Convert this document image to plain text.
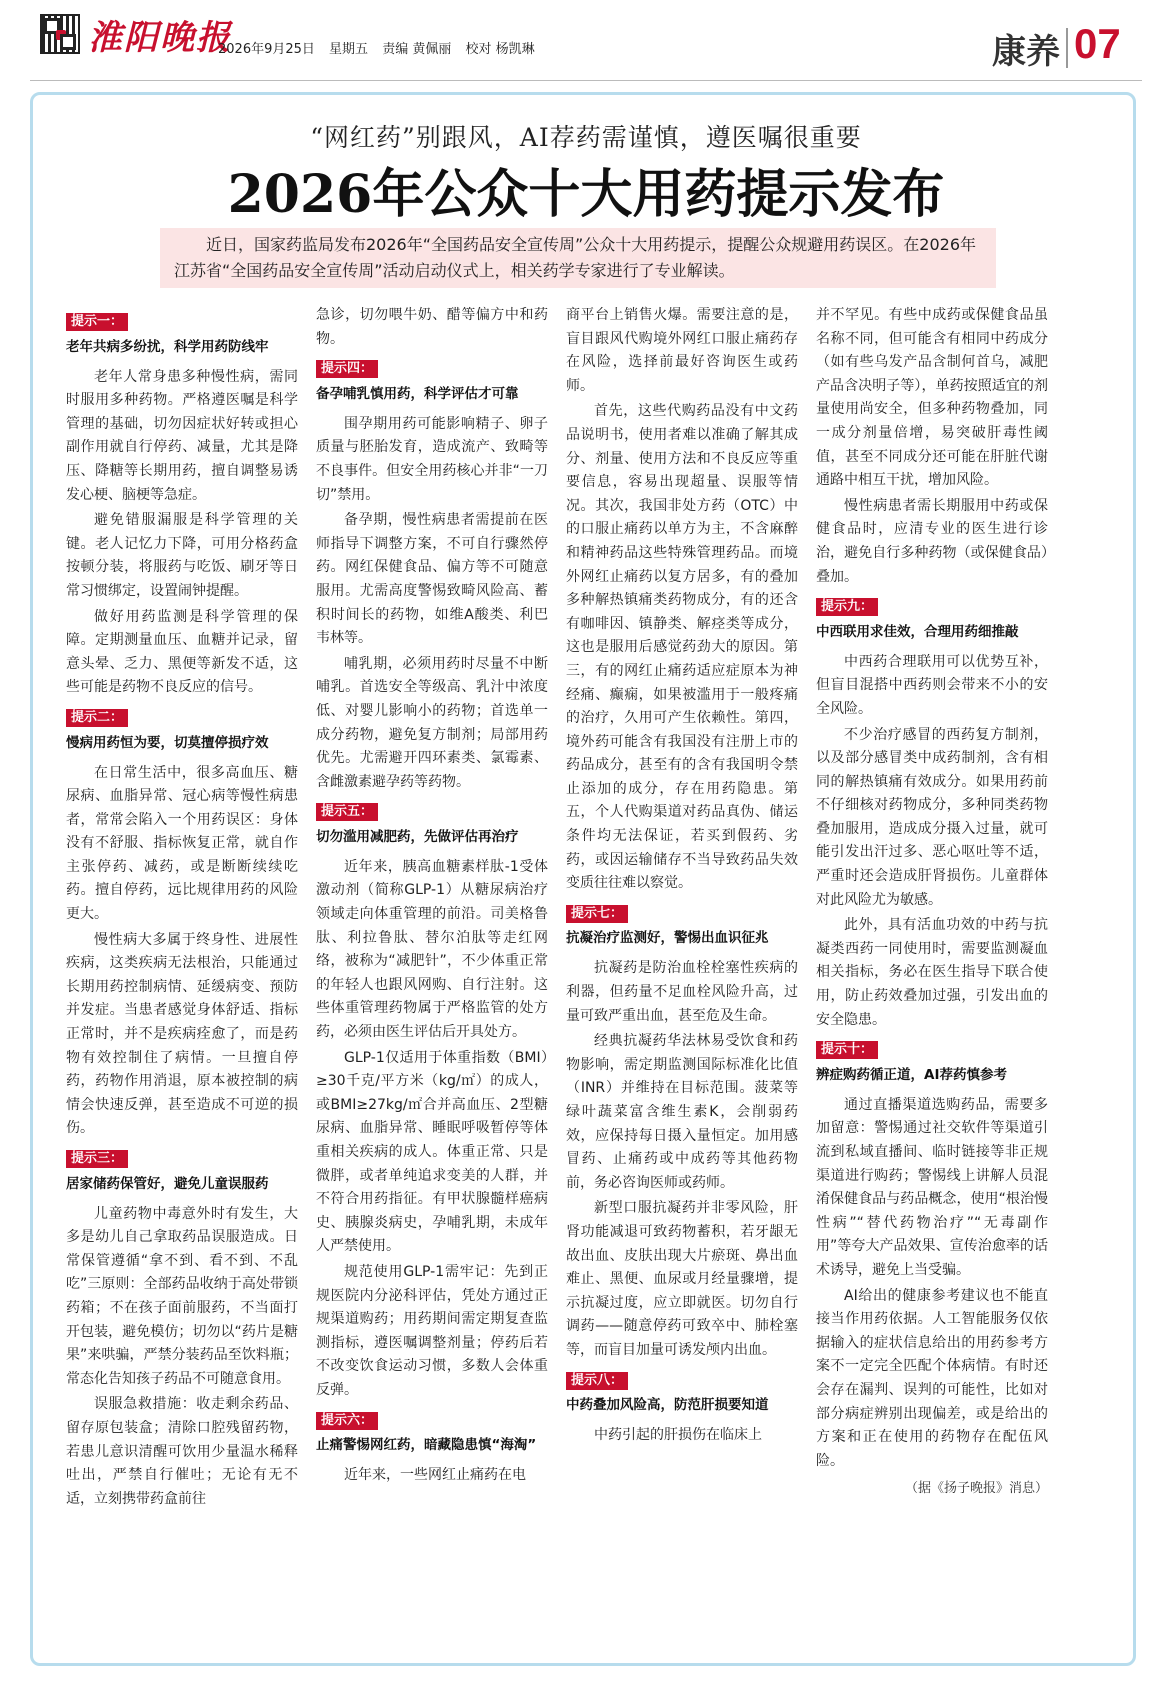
淮阳晚报
2026年9月25日 星期五 责编 黄佩丽 校对 杨凯琳	康养 07
“网红药”别跟风，AI荐药需谨慎，遵医嘱很重要
2026年公众十大用药提示发布
近日，国家药监局发布2026年“全国药品安全宣传周”公众十大用药提示，提醒公众规避用药误区。在2026年江苏省“全国药品安全宣传周”活动启动仪式上，相关药学专家进行了专业解读。
提示一：
老年共病多纷扰，科学用药防线牢

老年人常身患多种慢性病，需同时服用多种药物。严格遵医嘱是科学管理的基础，切勿因症状好转或担心副作用就自行停药、减量，尤其是降压、降糖等长期用药，擅自调整易诱发心梗、脑梗等急症。

避免错服漏服是科学管理的关键。老人记忆力下降，可用分格药盒按顿分装，将服药与吃饭、刷牙等日常习惯绑定，设置闹钟提醒。

做好用药监测是科学管理的保障。定期测量血压、血糖并记录，留意头晕、乏力、黑便等新发不适，这些可能是药物不良反应的信号。

提示二：
慢病用药恒为要，切莫擅停损疗效

在日常生活中，很多高血压、糖尿病、血脂异常、冠心病等慢性病患者，常常会陷入一个用药误区：身体没有不舒服、指标恢复正常，就自作主张停药、减药，或是断断续续吃药。擅自停药，远比规律用药的风险更大。

慢性病大多属于终身性、进展性疾病，这类疾病无法根治，只能通过长期用药控制病情、延缓病变、预防并发症。当患者感觉身体舒适、指标正常时，并不是疾病痊愈了，而是药物有效控制住了病情。一旦擅自停药，药物作用消退，原本被控制的病情会快速反弹，甚至造成不可逆的损伤。

提示三：
居家储药保管好，避免儿童误服药

儿童药物中毒意外时有发生，大多是幼儿自己拿取药品误服造成。日常保管遵循“拿不到、看不到、不乱吃”三原则：全部药品收纳于高处带锁药箱；不在孩子面前服药，不当面打开包装，避免模仿；切勿以“药片是糖果”来哄骗，严禁分装药品至饮料瓶；常态化告知孩子药品不可随意食用。

误服急救措施：收走剩余药品、留存原包装盒；清除口腔残留药物，若患儿意识清醒可饮用少量温水稀释吐出，严禁自行催吐；无论有无不适，立刻携带药盒前往

急诊，切勿喂牛奶、醋等偏方中和药物。

提示四：
备孕哺乳慎用药，科学评估才可靠

围孕期用药可能影响精子、卵子质量与胚胎发育，造成流产、致畸等不良事件。但安全用药核心并非“一刀切”禁用。

备孕期，慢性病患者需提前在医师指导下调整方案，不可自行骤然停药。网红保健食品、偏方等不可随意服用。尤需高度警惕致畸风险高、蓄积时间长的药物，如维A酸类、利巴韦林等。

哺乳期，必须用药时尽量不中断哺乳。首选安全等级高、乳汁中浓度低、对婴儿影响小的药物；首选单一成分药物，避免复方制剂；局部用药优先。尤需避开四环素类、氯霉素、含雌激素避孕药等药物。

提示五：
切勿滥用减肥药，先做评估再治疗

近年来，胰高血糖素样肽-1受体激动剂（简称GLP-1）从糖尿病治疗领域走向体重管理的前沿。司美格鲁肽、利拉鲁肽、替尔泊肽等走红网络，被称为“减肥针”，不少体重正常的年轻人也跟风网购、自行注射。这些体重管理药物属于严格监管的处方药，必须由医生评估后开具处方。

GLP-1仅适用于体重指数（BMI）≥30千克/平方米（kg/㎡）的成人，或BMI≥27kg/㎡合并高血压、2型糖尿病、血脂异常、睡眠呼吸暂停等体重相关疾病的成人。体重正常、只是微胖，或者单纯追求变美的人群，并不符合用药指征。有甲状腺髓样癌病史、胰腺炎病史，孕哺乳期，未成年人严禁使用。

规范使用GLP-1需牢记：先到正规医院内分泌科评估，凭处方通过正规渠道购药；用药期间需定期复查监测指标，遵医嘱调整剂量；停药后若不改变饮食运动习惯，多数人会体重反弹。

提示六：
止痛警惕网红药，暗藏隐患慎“海淘”

近年来，一些网红止痛药在电

商平台上销售火爆。需要注意的是，盲目跟风代购境外网红口服止痛药存在风险，选择前最好咨询医生或药师。

首先，这些代购药品没有中文药品说明书，使用者难以准确了解其成分、剂量、使用方法和不良反应等重要信息，容易出现超量、误服等情况。其次，我国非处方药（OTC）中的口服止痛药以单方为主，不含麻醉和精神药品这些特殊管理药品。而境外网红止痛药以复方居多，有的叠加多种解热镇痛类药物成分，有的还含有咖啡因、镇静类、解痉类等成分，这也是服用后感觉药劲大的原因。第三，有的网红止痛药适应症原本为神经痛、癫痫，如果被滥用于一般疼痛的治疗，久用可产生依赖性。第四，境外药可能含有我国没有注册上市的药品成分，甚至有的含有我国明令禁止添加的成分，存在用药隐患。第五，个人代购渠道对药品真伪、储运条件均无法保证，若买到假药、劣药，或因运输储存不当导致药品失效变质往往难以察觉。

提示七：
抗凝治疗监测好，警惕出血识征兆

抗凝药是防治血栓栓塞性疾病的利器，但药量不足血栓风险升高，过量可致严重出血，甚至危及生命。

经典抗凝药华法林易受饮食和药物影响，需定期监测国际标准化比值（INR）并维持在目标范围。菠菜等绿叶蔬菜富含维生素K，会削弱药效，应保持每日摄入量恒定。加用感冒药、止痛药或中成药等其他药物前，务必咨询医师或药师。

新型口服抗凝药并非零风险，肝肾功能减退可致药物蓄积，若牙龈无故出血、皮肤出现大片瘀斑、鼻出血难止、黑便、血尿或月经量骤增，提示抗凝过度，应立即就医。切勿自行调药——随意停药可致卒中、肺栓塞等，而盲目加量可诱发颅内出血。

提示八：
中药叠加风险高，防范肝损要知道

中药引起的肝损伤在临床上

并不罕见。有些中成药或保健食品虽名称不同，但可能含有相同中药成分（如有些乌发产品含制何首乌，减肥产品含决明子等），单药按照适宜的剂量使用尚安全，但多种药物叠加，同一成分剂量倍增，易突破肝毒性阈值，甚至不同成分还可能在肝脏代谢通路中相互干扰，增加风险。

慢性病患者需长期服用中药或保健食品时，应清专业的医生进行诊治，避免自行多种药物（或保健食品）叠加。

提示九：
中西联用求佳效，合理用药细推敲

中西药合理联用可以优势互补，但盲目混搭中西药则会带来不小的安全风险。

不少治疗感冒的西药复方制剂，以及部分感冒类中成药制剂，含有相同的解热镇痛有效成分。如果用药前不仔细核对药物成分，多种同类药物叠加服用，造成成分摄入过量，就可能引发出汗过多、恶心呕吐等不适，严重时还会造成肝肾损伤。儿童群体对此风险尤为敏感。

此外，具有活血功效的中药与抗凝类西药一同使用时，需要监测凝血相关指标，务必在医生指导下联合使用，防止药效叠加过强，引发出血的安全隐患。

提示十：
辨症购药循正道，AI荐药慎参考

通过直播渠道选购药品，需要多加留意：警惕通过社交软件等渠道引流到私域直播间、临时链接等非正规渠道进行购药；警惕线上讲解人员混淆保健食品与药品概念，使用“根治慢性病”“替代药物治疗”“无毒副作用”等夸大产品效果、宣传治愈率的话术诱导，避免上当受骗。

AI给出的健康参考建议也不能直接当作用药依据。人工智能服务仅依据输入的症状信息给出的用药参考方案不一定完全匹配个体病情。有时还会存在漏判、误判的可能性，比如对部分病症辨别出现偏差，或是给出的方案和正在使用的药物存在配伍风险。

（据《扬子晚报》消息）
